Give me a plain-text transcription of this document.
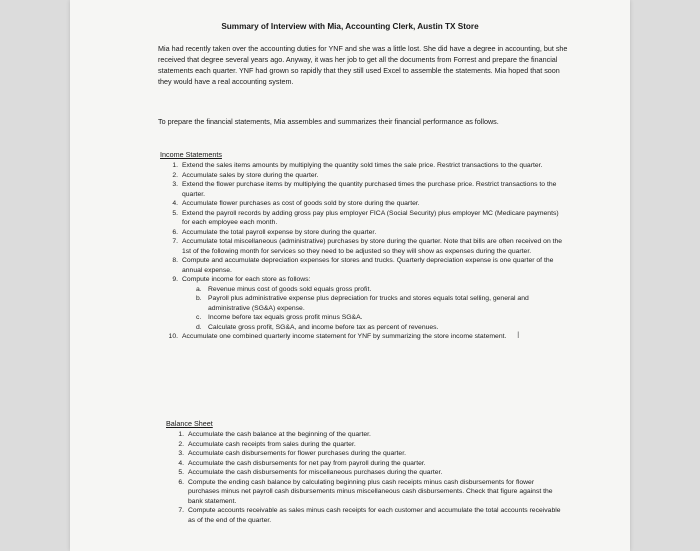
Summary of Interview with Mia, Accounting Clerk, Austin TX Store
Mia had recently taken over the accounting duties for YNF and she was a little lost. She did have a degree in accounting, but she received that degree several years ago. Anyway, it was her job to get all the documents from Forrest and prepare the financial statements each quarter. YNF had grown so rapidly that they still used Excel to assemble the statements. Mia hoped that soon they would have a real accounting system.
To prepare the financial statements, Mia assembles and summarizes their financial performance as follows.
Income Statements
1. Extend the sales items amounts by multiplying the quantity sold times the sale price. Restrict transactions to the quarter.
2. Accumulate sales by store during the quarter.
3. Extend the flower purchase items by multiplying the quantity purchased times the purchase price. Restrict transactions to the quarter.
4. Accumulate flower purchases as cost of goods sold by store during the quarter.
5. Extend the payroll records by adding gross pay plus employer FICA (Social Security) plus employer MC (Medicare payments) for each employee each month.
6. Accumulate the total payroll expense by store during the quarter.
7. Accumulate total miscellaneous (administrative) purchases by store during the quarter. Note that bills are often received on the 1st of the following month for services so they need to be adjusted so they will show as expenses during the quarter.
8. Compute and accumulate depreciation expenses for stores and trucks. Quarterly depreciation expense is one quarter of the annual expense.
9. Compute income for each store as follows:
a. Revenue minus cost of goods sold equals gross profit.
b. Payroll plus administrative expense plus depreciation for trucks and stores equals total selling, general and administrative (SG&A) expense.
c. Income before tax equals gross profit minus SG&A.
d. Calculate gross profit, SG&A, and income before tax as percent of revenues.
10. Accumulate one combined quarterly income statement for YNF by summarizing the store income statement.
Balance Sheet
1. Accumulate the cash balance at the beginning of the quarter.
2. Accumulate cash receipts from sales during the quarter.
3. Accumulate cash disbursements for flower purchases during the quarter.
4. Accumulate the cash disbursements for net pay from payroll during the quarter.
5. Accumulate the cash disbursements for miscellaneous purchases during the quarter.
6. Compute the ending cash balance by calculating beginning plus cash receipts minus cash disbursements for flower purchases minus net payroll cash disbursements minus miscellaneous cash disbursements. Check that figure against the bank statement.
7. Compute accounts receivable as sales minus cash receipts for each customer and accumulate the total accounts receivable as of the end of the quarter.
I
